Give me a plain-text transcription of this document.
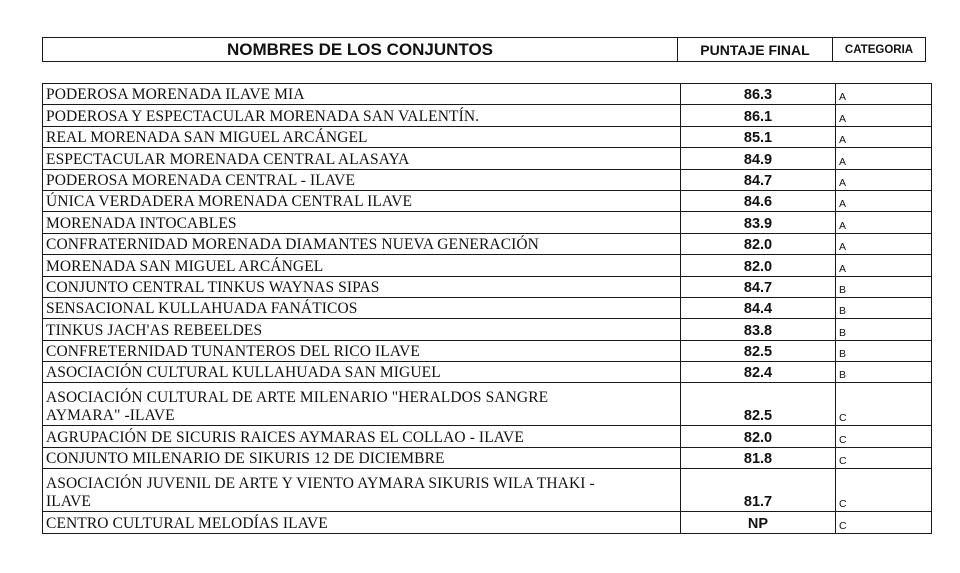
NOMBRES DE LOS CONJUNTOS	PUNTAJE FINAL	CATEGORIA
PODEROSA MORENADA ILAVE MIA	86.3	A

PODEROSA Y ESPECTACULAR MORENADA SAN VALENTÍN.	86.1	A

REAL MORENADA SAN MIGUEL ARCÁNGEL	85.1	A

ESPECTACULAR MORENADA CENTRAL ALASAYA	84.9	A

PODEROSA MORENADA CENTRAL - ILAVE	84.7	A

ÚNICA VERDADERA MORENADA CENTRAL ILAVE	84.6	A

MORENADA INTOCABLES	83.9	A

CONFRATERNIDAD MORENADA DIAMANTES NUEVA GENERACIÓN	82.0	A

MORENADA SAN MIGUEL ARCÁNGEL	82.0	A

CONJUNTO CENTRAL TINKUS WAYNAS SIPAS	84.7	B

SENSACIONAL KULLAHUADA FANÁTICOS	84.4	B

TINKUS JACH'AS REBEELDES	83.8	B

CONFRETERNIDAD TUNANTEROS DEL RICO ILAVE	82.5	B

ASOCIACIÓN CULTURAL KULLAHUADA SAN MIGUEL	82.4	B

ASOCIACIÓN CULTURAL DE ARTE MILENARIO "HERALDOS SANGRE
AYMARA" -ILAVE	82.5	C

AGRUPACIÓN DE SICURIS RAICES AYMARAS EL COLLAO - ILAVE	82.0	C

CONJUNTO MILENARIO DE SIKURIS 12 DE DICIEMBRE	81.8	C

ASOCIACIÓN JUVENIL DE ARTE Y VIENTO AYMARA SIKURIS WILA THAKI -
ILAVE	81.7	C

CENTRO CULTURAL MELODÍAS ILAVE	NP	C
